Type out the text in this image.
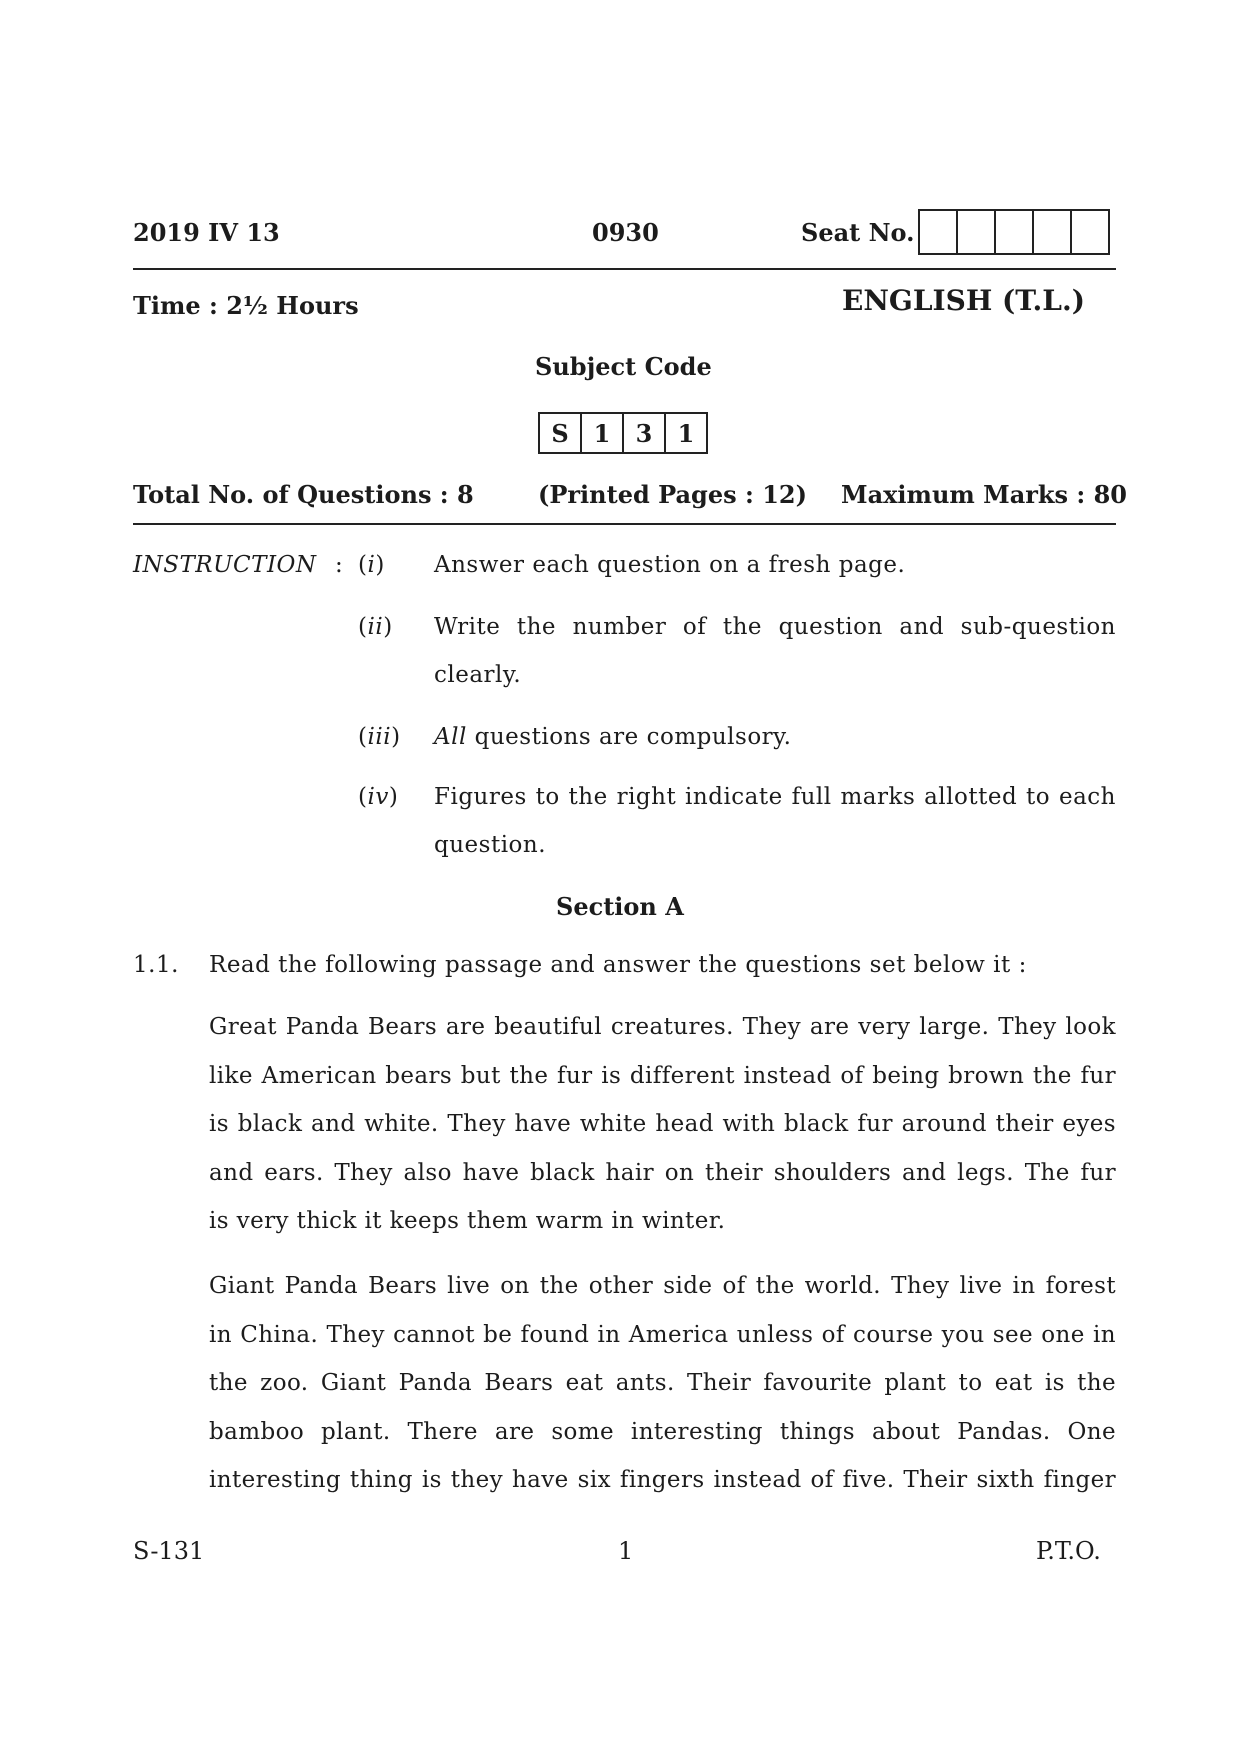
2019 IV 13	0930	Seat No.
Time : 2½ Hours	ENGLISH (T.L.)
Subject Code
S	1	3	1
Total No. of Questions : 8	(Printed Pages : 12) Maximum Marks : 80
INSTRUCTION : (i) Answer each question on a fresh page.
(ii) Write the number of the question and sub-question
clearly.
(iii) All questions are compulsory.
(iv) Figures to the right indicate full marks allotted to each
question.
Section A
1.1. Read the following passage and answer the questions set below it :
Great Panda Bears are beautiful creatures. They are very large. They look
like American bears but the fur is different instead of being brown the fur
is black and white. They have white head with black fur around their eyes
and ears. They also have black hair on their shoulders and legs. The fur
is very thick it keeps them warm in winter.
Giant Panda Bears live on the other side of the world. They live in forest
in China. They cannot be found in America unless of course you see one in
the zoo. Giant Panda Bears eat ants. Their favourite plant to eat is the
bamboo plant. There are some interesting things about Pandas. One
interesting thing is they have six fingers instead of five. Their sixth finger
S-131	1	P.T.O.
